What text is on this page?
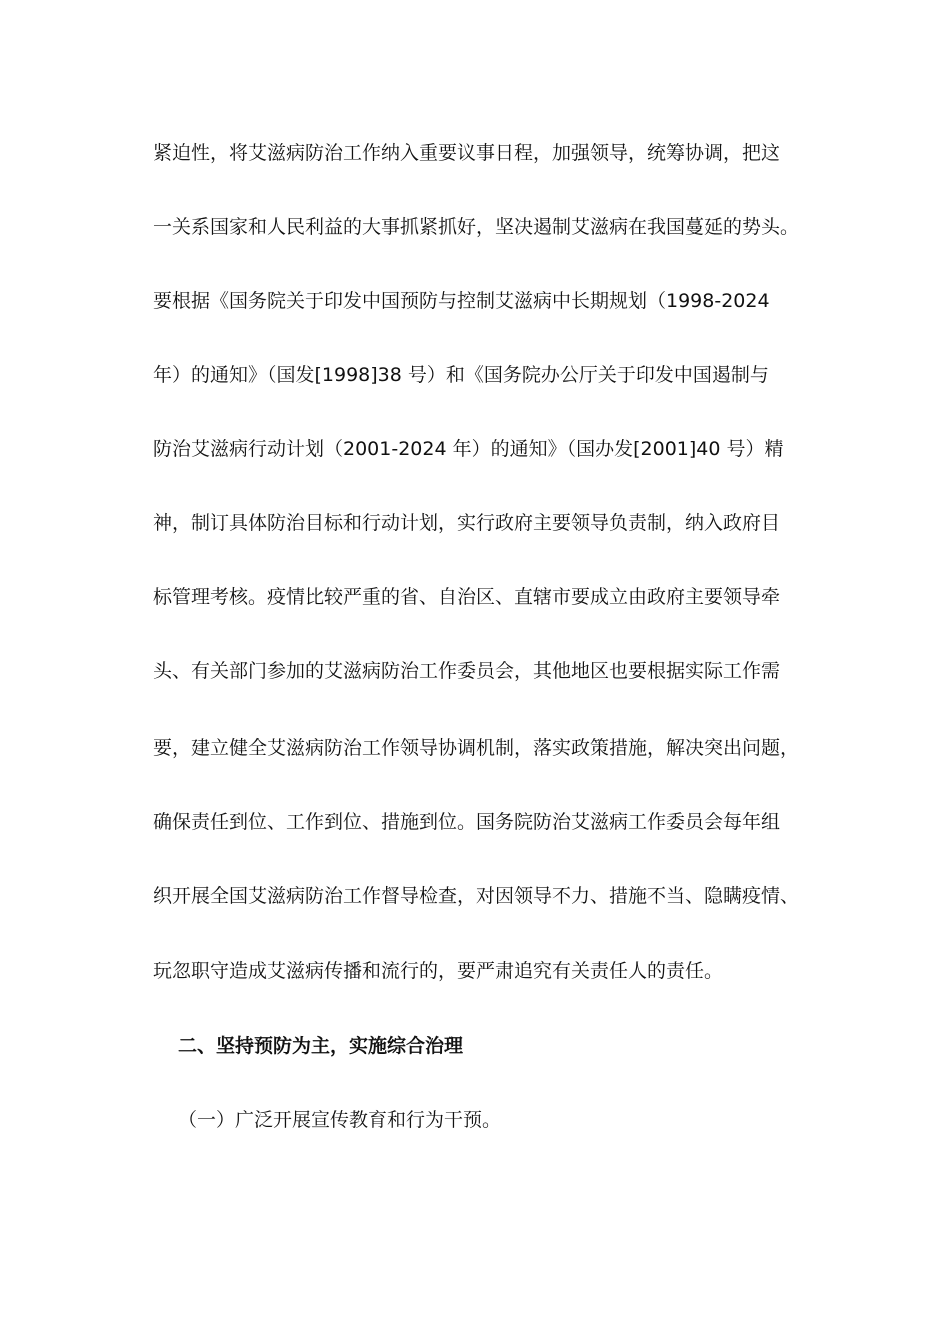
紧迫性，将艾滋病防治工作纳入重要议事日程，加强领导，统筹协调，把这
一关系国家和人民利益的大事抓紧抓好，坚决遏制艾滋病在我国蔓延的势头。
要根据《国务院关于印发中国预防与控制艾滋病中长期规划（1998-2024
年）的通知》（国发[1998]38 号）和《国务院办公厅关于印发中国遏制与
防治艾滋病行动计划（2001-2024 年）的通知》（国办发[2001]40 号）精
神，制订具体防治目标和行动计划，实行政府主要领导负责制，纳入政府目
标管理考核。疫情比较严重的省、自治区、直辖市要成立由政府主要领导牵
头、有关部门参加的艾滋病防治工作委员会，其他地区也要根据实际工作需
要，建立健全艾滋病防治工作领导协调机制，落实政策措施，解决突出问题，
确保责任到位、工作到位、措施到位。国务院防治艾滋病工作委员会每年组
织开展全国艾滋病防治工作督导检查，对因领导不力、措施不当、隐瞒疫情、
玩忽职守造成艾滋病传播和流行的，要严肃追究有关责任人的责任。
二、坚持预防为主，实施综合治理
（一）广泛开展宣传教育和行为干预。
